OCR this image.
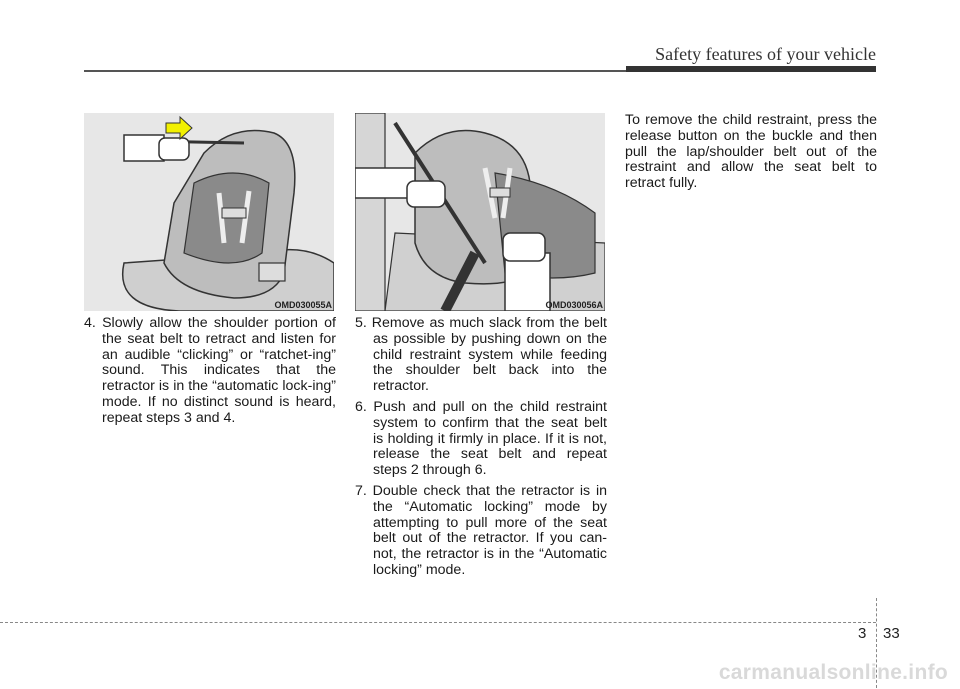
Safety features of your vehicle
OMD030055A	OMD030056A

4. Slowly allow the shoulder portion of the seat belt to retract and listen for an audible “clicking” or “ratchet-ing” sound. This indicates that the retractor is in the “automatic lock-ing” mode. If no distinct sound is heard, repeat steps 3 and 4.

5. Remove as much slack from the belt as possible by pushing down on the child restraint system while feeding the shoulder belt back into the retractor.

6. Push and pull on the child restraint system to confirm that the seat belt is holding it firmly in place. If it is not, release the seat belt and repeat steps 2 through 6.

7. Double check that the retractor is in the “Automatic locking” mode by attempting to pull more of the seat belt out of the retractor. If you can-not, the retractor is in the “Automatic locking” mode.

To remove the child restraint, press the release button on the buckle and then pull the lap/shoulder belt out of the restraint and allow the seat belt to retract fully.

3 33
carmanualsonline.info
